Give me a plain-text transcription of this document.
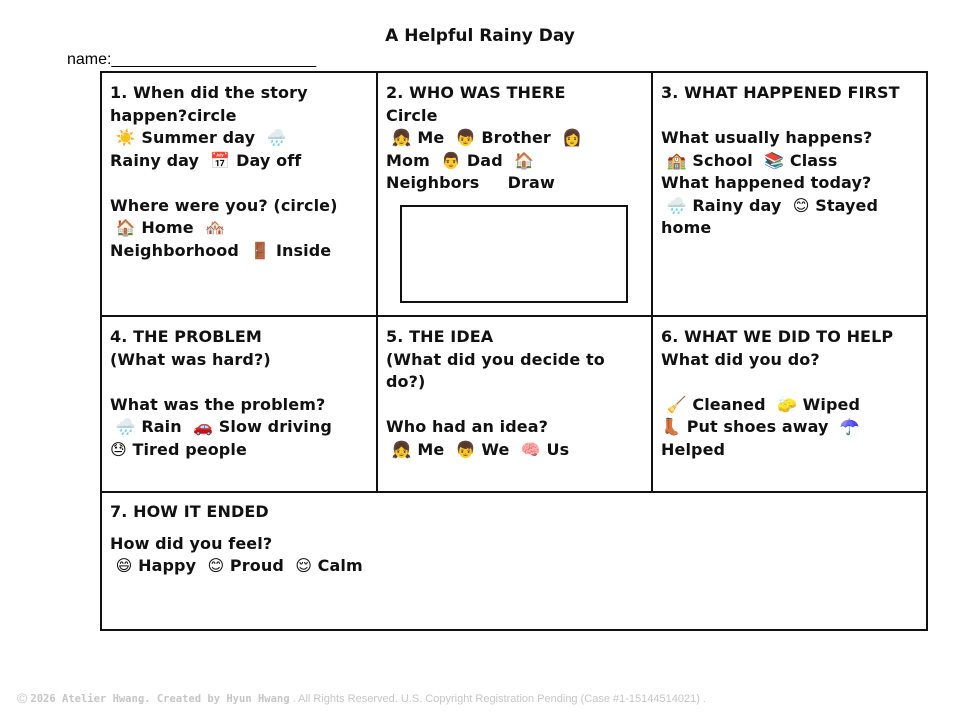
A Helpful Rainy Day
name:_______________________
1. When did the story
happen?circle
☀️ Summer day  🌧️
Rainy day  📅 Day off
Where were you? (circle)
🏠 Home  🏘️
Neighborhood  🚪 Inside
2. WHO WAS THERE
Circle
👧 Me  👦 Brother  👩
Mom  👨 Dad  🏠
Neighbors     Draw
3. WHAT HAPPENED FIRST
What usually happens?
🏫 School  📚 Class
What happened today?
🌧️ Rainy day  😊 Stayed
home
4. THE PROBLEM
(What was hard?)
What was the problem?
🌧️ Rain  🚗 Slow driving
😓 Tired people
5. THE IDEA
(What did you decide to
do?)
Who had an idea?
👧 Me  👦 We  🧠 Us
6. WHAT WE DID TO HELP
What did you do?
🧹 Cleaned  🧽 Wiped
👢 Put shoes away  ☂️
Helped
7. HOW IT ENDED
How did you feel?
😄 Happy  😊 Proud  😌 Calm
© 2026 Atelier Hwang. Created by Hyun Hwang . All Rights Reserved. U.S. Copyright Registration Pending (Case #1-15144514021) .
